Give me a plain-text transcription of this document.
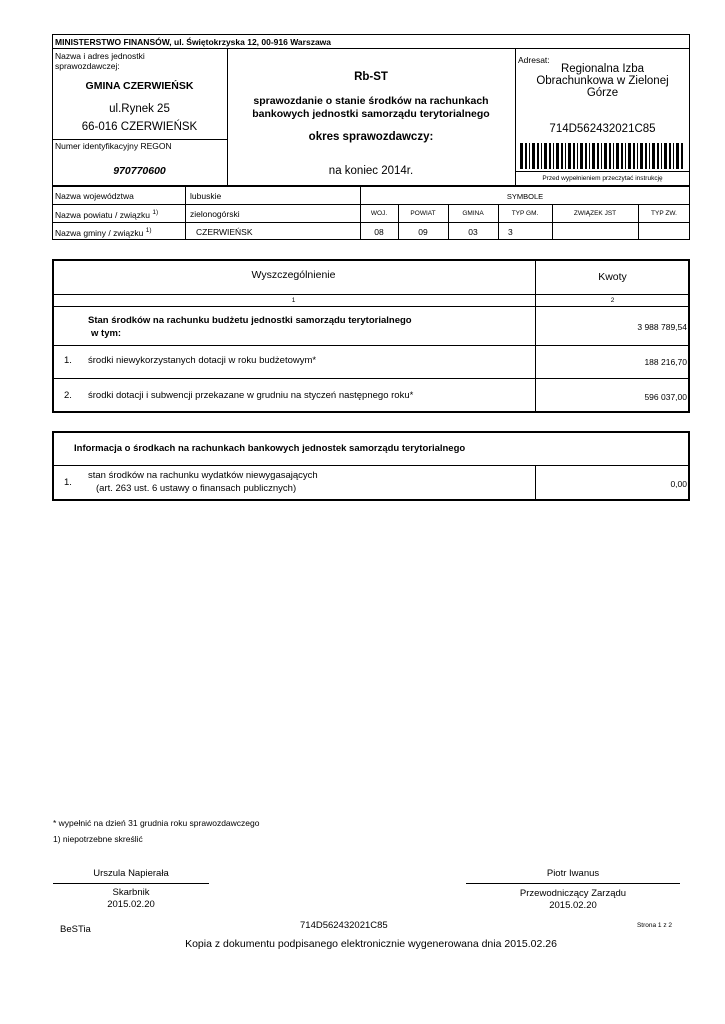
MINISTERSTWO FINANSÓW, ul. Świętokrzyska 12, 00-916 Warszawa
Nazwa i adres jednostki
sprawozdawczej:
GMINA CZERWIEŃSK
ul.Rynek 25
66-016 CZERWIEŃSK
Numer identyfikacyjny REGON
970770600
Rb-ST
sprawozdanie o stanie środków na rachunkach
bankowych jednostki samorządu terytorialnego
okres sprawozdawczy:
na koniec 2014r.
Adresat:
Regionalna Izba
Obrachunkowa w Zielonej
Górze
714D562432021C85
Przed wypełnieniem przeczytać instrukcję
Nazwa województwa	lubuskie	SYMBOLE
Nazwa powiatu / związku $^{1)}$	zielonogórski
Nazwa gminy / związku $^{1)}$	CZERWIEŃSK
WOJ.	POWIAT	GMINA	TYP GM.	ZWIĄZEK JST	TYP ZW.
08	09	03	3
Wyszczególnienie	Kwoty
1	2
Stan środków na rachunku budżetu jednostki samorządu terytorialnego
w tym:
3 988 789,54
1. środki niewykorzystanych dotacji w roku budżetowym*	188 216,70
2. środki dotacji i subwencji przekazane w grudniu na styczeń następnego roku*	596 037,00
Informacja o środkach na rachunkach bankowych jednostek samorządu terytorialnego
1.
stan środków na rachunku wydatków niewygasających
(art. 263 ust. 6 ustawy o finansach publicznych)	0,00
* wypełnić na dzień 31 grudnia roku sprawozdawczego
1) niepotrzebne skreślić
Urszula Napierała
Skarbnik
2015.02.20
Piotr Iwanus
Przewodniczący Zarządu
2015.02.20
BeSTia	714D562432021C85	Strona 1 z 2
Kopia z dokumentu podpisanego elektronicznie wygenerowana dnia 2015.02.26
